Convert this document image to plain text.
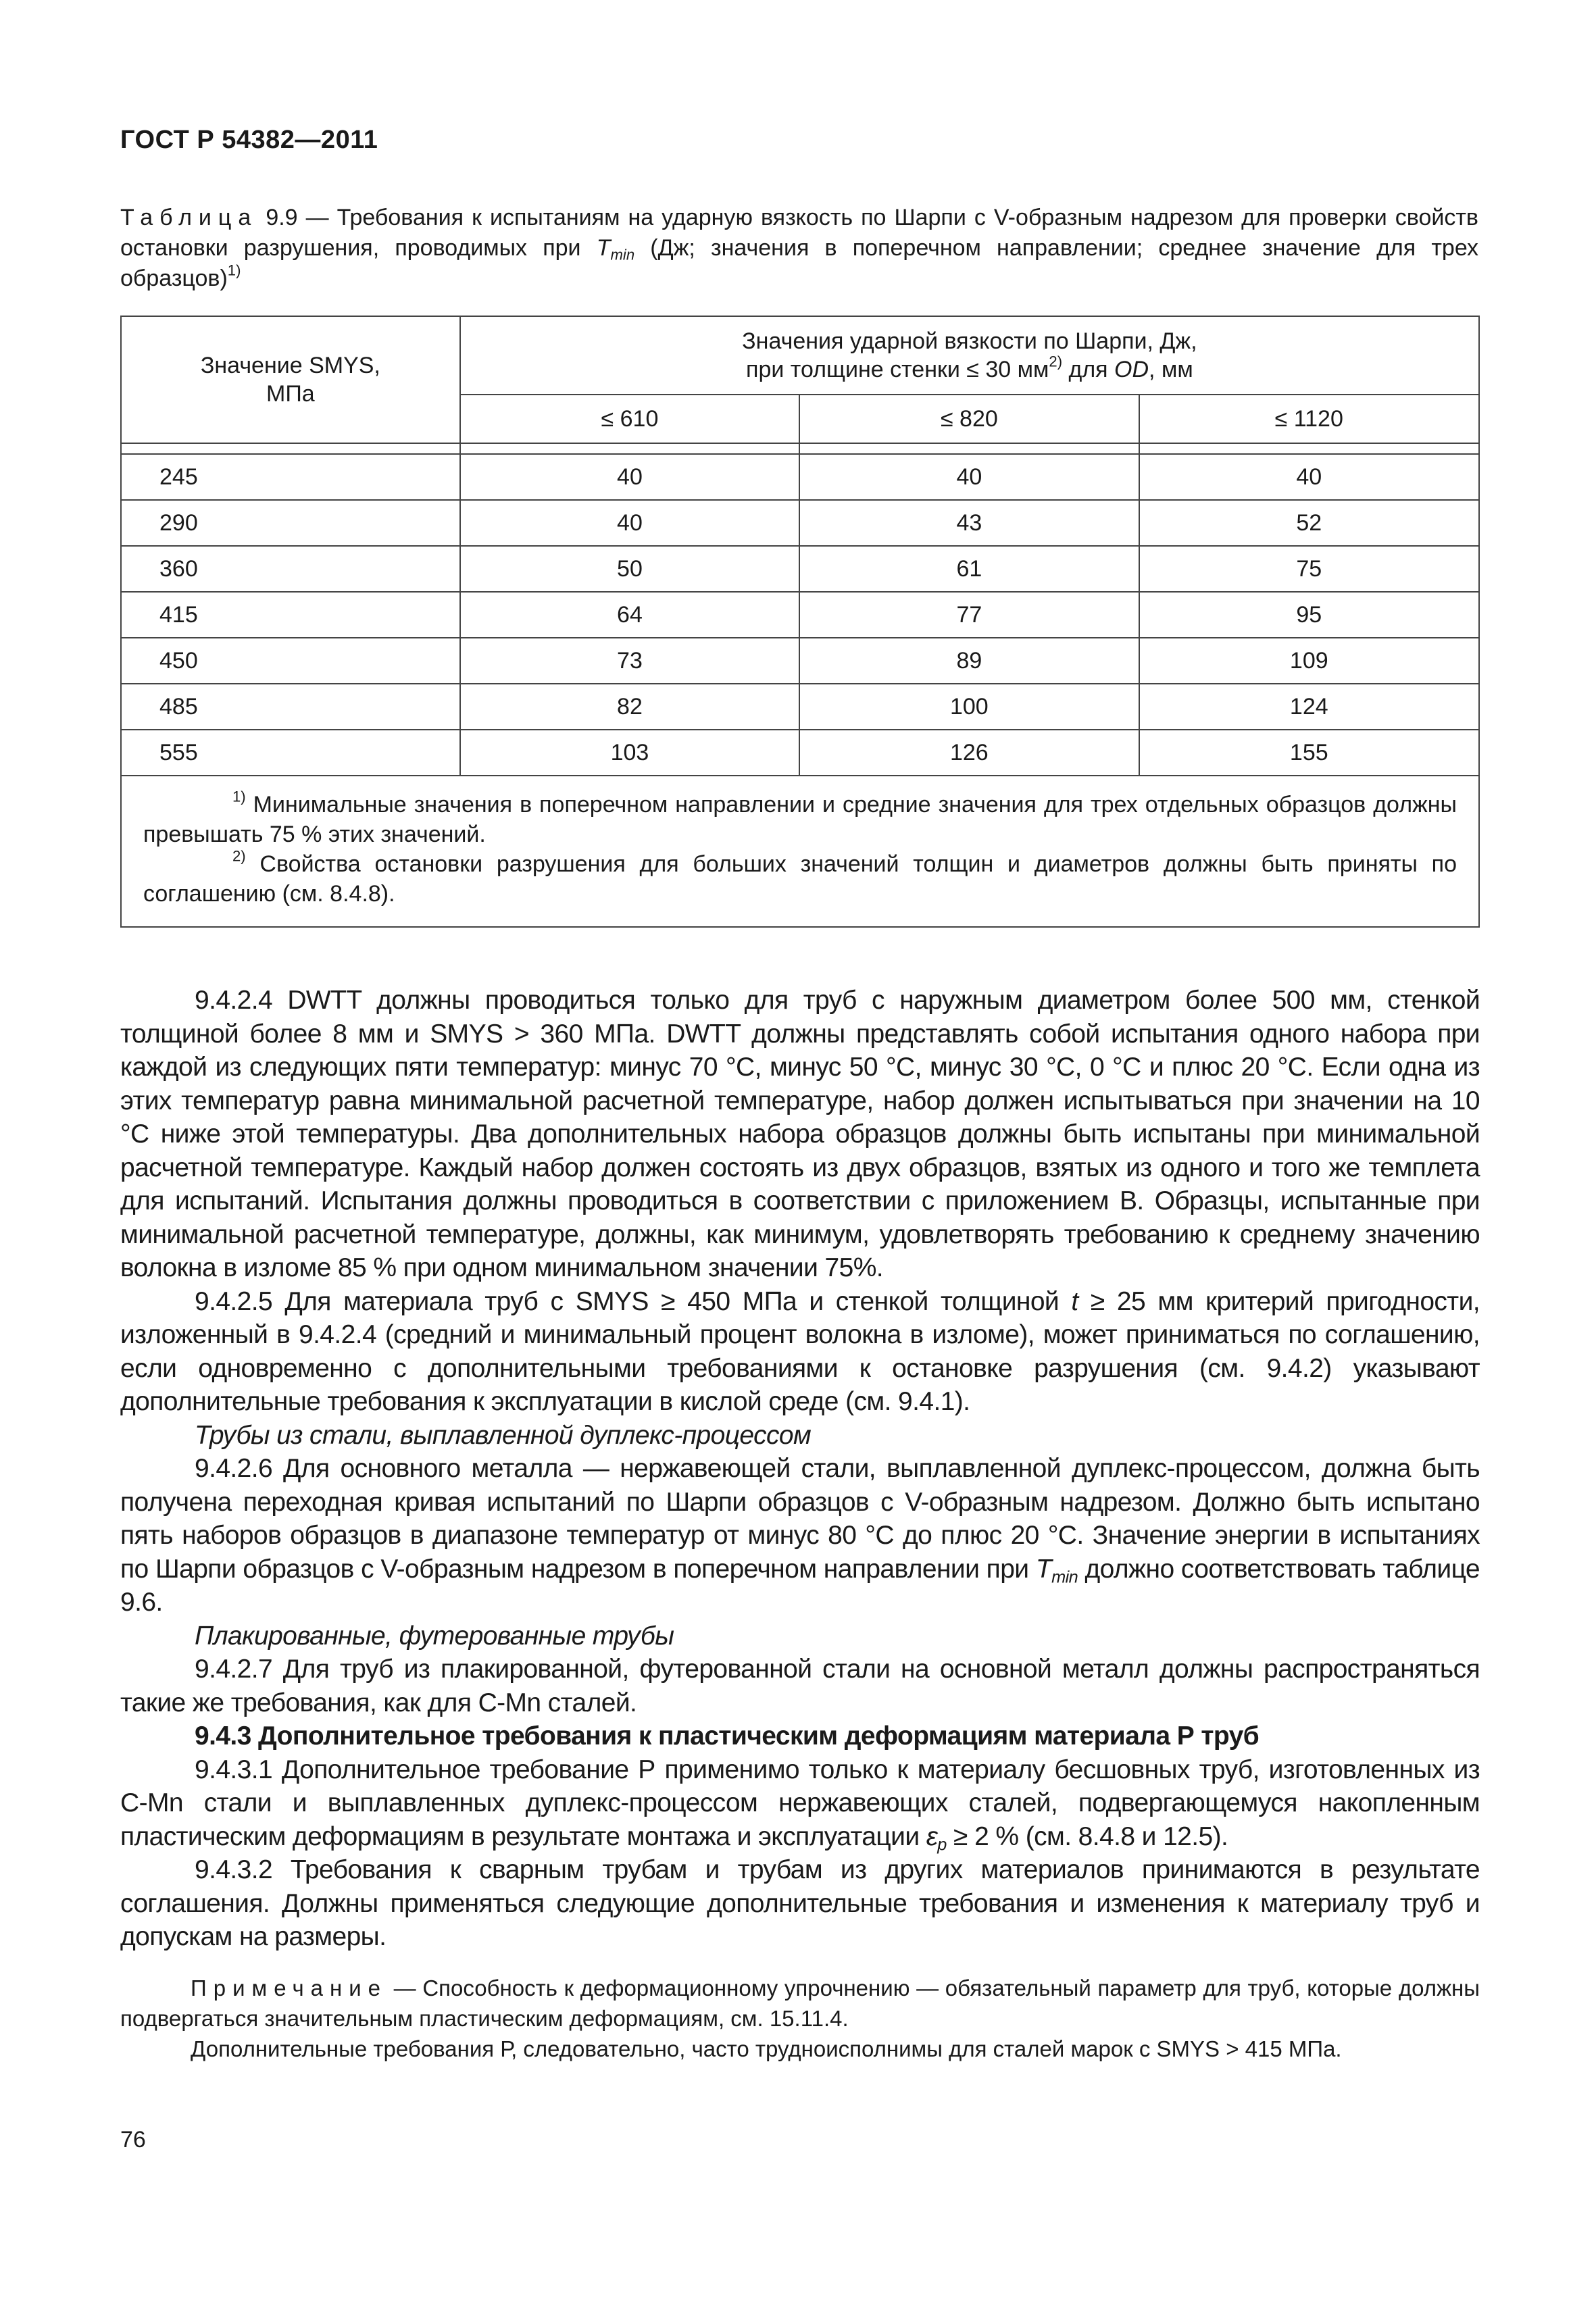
ГОСТ Р 54382—2011
Таблица 9.9 — Требования к испытаниям на ударную вязкость по Шарпи с V-образным надрезом для проверки свойств остановки разрушения, проводимых при $T_{min}$ (Дж; значения в поперечном направлении; среднее значение для трех образцов)$^{1)}$
Значение SMYS, МПа	Значения ударной вязкости по Шарпи, Дж,
при толщине стенки ≤ 30 $мм^{2)}$ для OD, мм		

	≤ 610	≤ 820	≤ 1120

245	40	40	40
290	40	43	52
360	50	61	75
415	64	77	95
450	73	89	109
485	82	100	124
555	103	126	155

$^{1)}$ Минимальные значения в поперечном направлении и средние значения для трех отдельных образцов должны превышать 75 % этих значений.
$^{2)}$ Свойства остановки разрушения для больших значений толщин и диаметров должны быть приняты по соглашению (см. 8.4.8).			

9.4.2.4 DWTT должны проводиться только для труб с наружным диаметром более 500 мм, стенкой толщиной более 8 мм и SMYS > 360 МПа. DWTT должны представлять собой испытания одного набора при каждой из следующих пяти температур: минус 70 °C, минус 50 °C, минус 30 °C, 0 °C и плюс 20 °C. Если одна из этих температур равна минимальной расчетной температуре, набор должен испытываться при значении на 10 °C ниже этой температуры. Два дополнительных набора образцов должны быть испытаны при минимальной расчетной температуре. Каждый набор должен состоять из двух образцов, взятых из одного и того же темплета для испытаний. Испытания должны проводиться в соответствии с приложением В. Образцы, испытанные при минимальной расчетной температуре, должны, как минимум, удовлетворять требованию к среднему значению волокна в изломе 85 % при одном минимальном значении 75%.

9.4.2.5 Для материала труб с SMYS ≥ 450 МПа и стенкой толщиной t ≥ 25 мм критерий пригодности, изложенный в 9.4.2.4 (средний и минимальный процент волокна в изломе), может приниматься по соглашению, если одновременно с дополнительными требованиями к остановке разрушения (см. 9.4.2) указывают дополнительные требования к эксплуатации в кислой среде (см. 9.4.1).

Трубы из стали, выплавленной дуплекс-процессом

9.4.2.6 Для основного металла — нержавеющей стали, выплавленной дуплекс-процессом, должна быть получена переходная кривая испытаний по Шарпи образцов с V-образным надрезом. Должно быть испытано пять наборов образцов в диапазоне температур от минус 80 °C до плюс 20 °C. Значение энергии в испытаниях по Шарпи образцов с V-образным надрезом в поперечном направлении при $T_{min}$ должно соответствовать таблице 9.6.

Плакированные, футерованные трубы

9.4.2.7 Для труб из плакированной, футерованной стали на основной металл должны распространяться такие же требования, как для С-Мn сталей.

9.4.3 Дополнительное требования к пластическим деформациям материала Р труб

9.4.3.1 Дополнительное требование Р применимо только к материалу бесшовных труб, изготовленных из С-Мn стали и выплавленных дуплекс-процессом нержавеющих сталей, подвергающемуся накопленным пластическим деформациям в результате монтажа и эксплуатации $\varepsilon_p \ge 2$ % (см. 8.4.8 и 12.5).

9.4.3.2 Требования к сварным трубам и трубам из других материалов принимаются в результате соглашения. Должны применяться следующие дополнительные требования и изменения к материалу труб и допускам на размеры.

Примечание — Способность к деформационному упрочнению — обязательный параметр для труб, которые должны подвергаться значительным пластическим деформациям, см. 15.11.4.

Дополнительные требования Р, следовательно, часто трудноисполнимы для сталей марок с SMYS > 415 МПа.

76
